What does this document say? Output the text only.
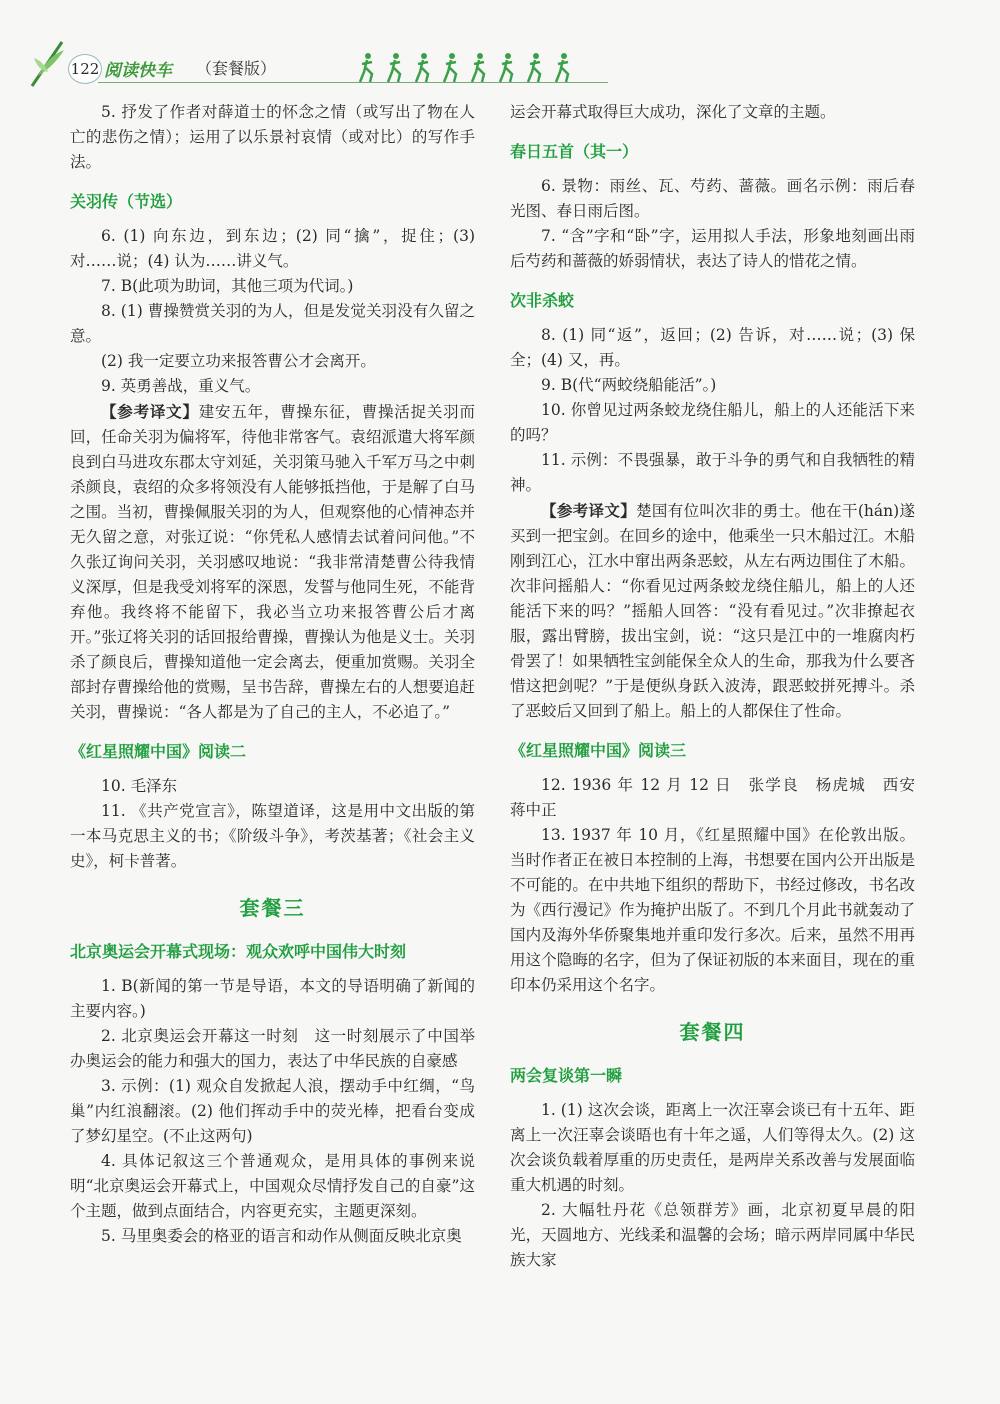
122 阅读快车 （套餐版）

5. 抒发了作者对薛道士的怀念之情（或写出了物在人亡的悲伤之情）；运用了以乐景衬哀情（或对比）的写作手法。

关羽传（节选）

6. (1) 向东边，到东边；(2) 同“擒”，捉住；(3) 对……说；(4) 认为……讲义气。

7. B(此项为助词，其他三项为代词。)

8. (1) 曹操赞赏关羽的为人，但是发觉关羽没有久留之意。

(2) 我一定要立功来报答曹公才会离开。

9. 英勇善战，重义气。

【参考译文】建安五年，曹操东征，曹操活捉关羽而回，任命关羽为偏将军，待他非常客气。袁绍派遣大将军颜良到白马进攻东郡太守刘延，关羽策马驰入千军万马之中刺杀颜良，袁绍的众多将领没有人能够抵挡他，于是解了白马之围。当初，曹操佩服关羽的为人，但观察他的心情神态并无久留之意，对张辽说：“你凭私人感情去试着问问他。”不久张辽询问关羽，关羽感叹地说：“我非常清楚曹公待我情义深厚，但是我受刘将军的深恩，发誓与他同生死，不能背弃他。我终将不能留下，我必当立功来报答曹公后才离开。”张辽将关羽的话回报给曹操，曹操认为他是义士。关羽杀了颜良后，曹操知道他一定会离去，便重加赏赐。关羽全部封存曹操给他的赏赐，呈书告辞，曹操左右的人想要追赶关羽，曹操说：“各人都是为了自己的主人，不必追了。”

《红星照耀中国》阅读二

10. 毛泽东

11. 《共产党宣言》，陈望道译，这是用中文出版的第一本马克思主义的书；《阶级斗争》，考茨基著；《社会主义史》，柯卡普著。

套餐三

北京奥运会开幕式现场：观众欢呼中国伟大时刻

1. B(新闻的第一节是导语，本文的导语明确了新闻的主要内容。)

2. 北京奥运会开幕这一时刻　这一时刻展示了中国举办奥运会的能力和强大的国力，表达了中华民族的自豪感

3. 示例：(1) 观众自发掀起人浪，摆动手中红绸，“鸟巢”内红浪翻滚。(2) 他们挥动手中的荧光棒，把看台变成了梦幻星空。(不止这两句)

4. 具体记叙这三个普通观众，是用具体的事例来说明“北京奥运会开幕式上，中国观众尽情抒发自己的自豪”这个主题，做到点面结合，内容更充实，主题更深刻。

5. 马里奥委会的格亚的语言和动作从侧面反映北京奥

运会开幕式取得巨大成功，深化了文章的主题。

春日五首（其一）

6. 景物：雨丝、瓦、芍药、蔷薇。画名示例：雨后春光图、春日雨后图。

7. “含”字和“卧”字，运用拟人手法，形象地刻画出雨后芍药和蔷薇的娇弱情状，表达了诗人的惜花之情。

次非杀蛟

8. (1) 同“返”，返回；(2) 告诉，对……说；(3) 保全；(4) 又，再。

9. B(代“两蛟绕船能活”。)

10. 你曾见过两条蛟龙绕住船儿，船上的人还能活下来的吗？

11. 示例：不畏强暴，敢于斗争的勇气和自我牺牲的精神。

【参考译文】楚国有位叫次非的勇士。他在干(hán)遂买到一把宝剑。在回乡的途中，他乘坐一只木船过江。木船刚到江心，江水中窜出两条恶蛟，从左右两边围住了木船。次非问摇船人：“你看见过两条蛟龙绕住船儿，船上的人还能活下来的吗？”摇船人回答：“没有看见过。”次非撩起衣服，露出臂膀，拔出宝剑，说：“这只是江中的一堆腐肉朽骨罢了！如果牺牲宝剑能保全众人的生命，那我为什么要吝惜这把剑呢？”于是便纵身跃入波涛，跟恶蛟拼死搏斗。杀了恶蛟后又回到了船上。船上的人都保住了性命。

《红星照耀中国》阅读三

12. 1936 年 12 月 12 日　张学良　杨虎城　西安　蒋中正

13. 1937 年 10 月，《红星照耀中国》在伦敦出版。当时作者正在被日本控制的上海，书想要在国内公开出版是不可能的。在中共地下组织的帮助下，书经过修改，书名改为《西行漫记》作为掩护出版了。不到几个月此书就轰动了国内及海外华侨聚集地并重印发行多次。后来，虽然不用再用这个隐晦的名字，但为了保证初版的本来面目，现在的重印本仍采用这个名字。

套餐四

两会复谈第一瞬

1. (1) 这次会谈，距离上一次汪辜会谈已有十五年、距离上一次汪辜会谈晤也有十年之遥，人们等得太久。(2) 这次会谈负载着厚重的历史责任，是两岸关系改善与发展面临重大机遇的时刻。

2. 大幅牡丹花《总领群芳》画，北京初夏早晨的阳光，天圆地方、光线柔和温馨的会场；暗示两岸同属中华民族大家
